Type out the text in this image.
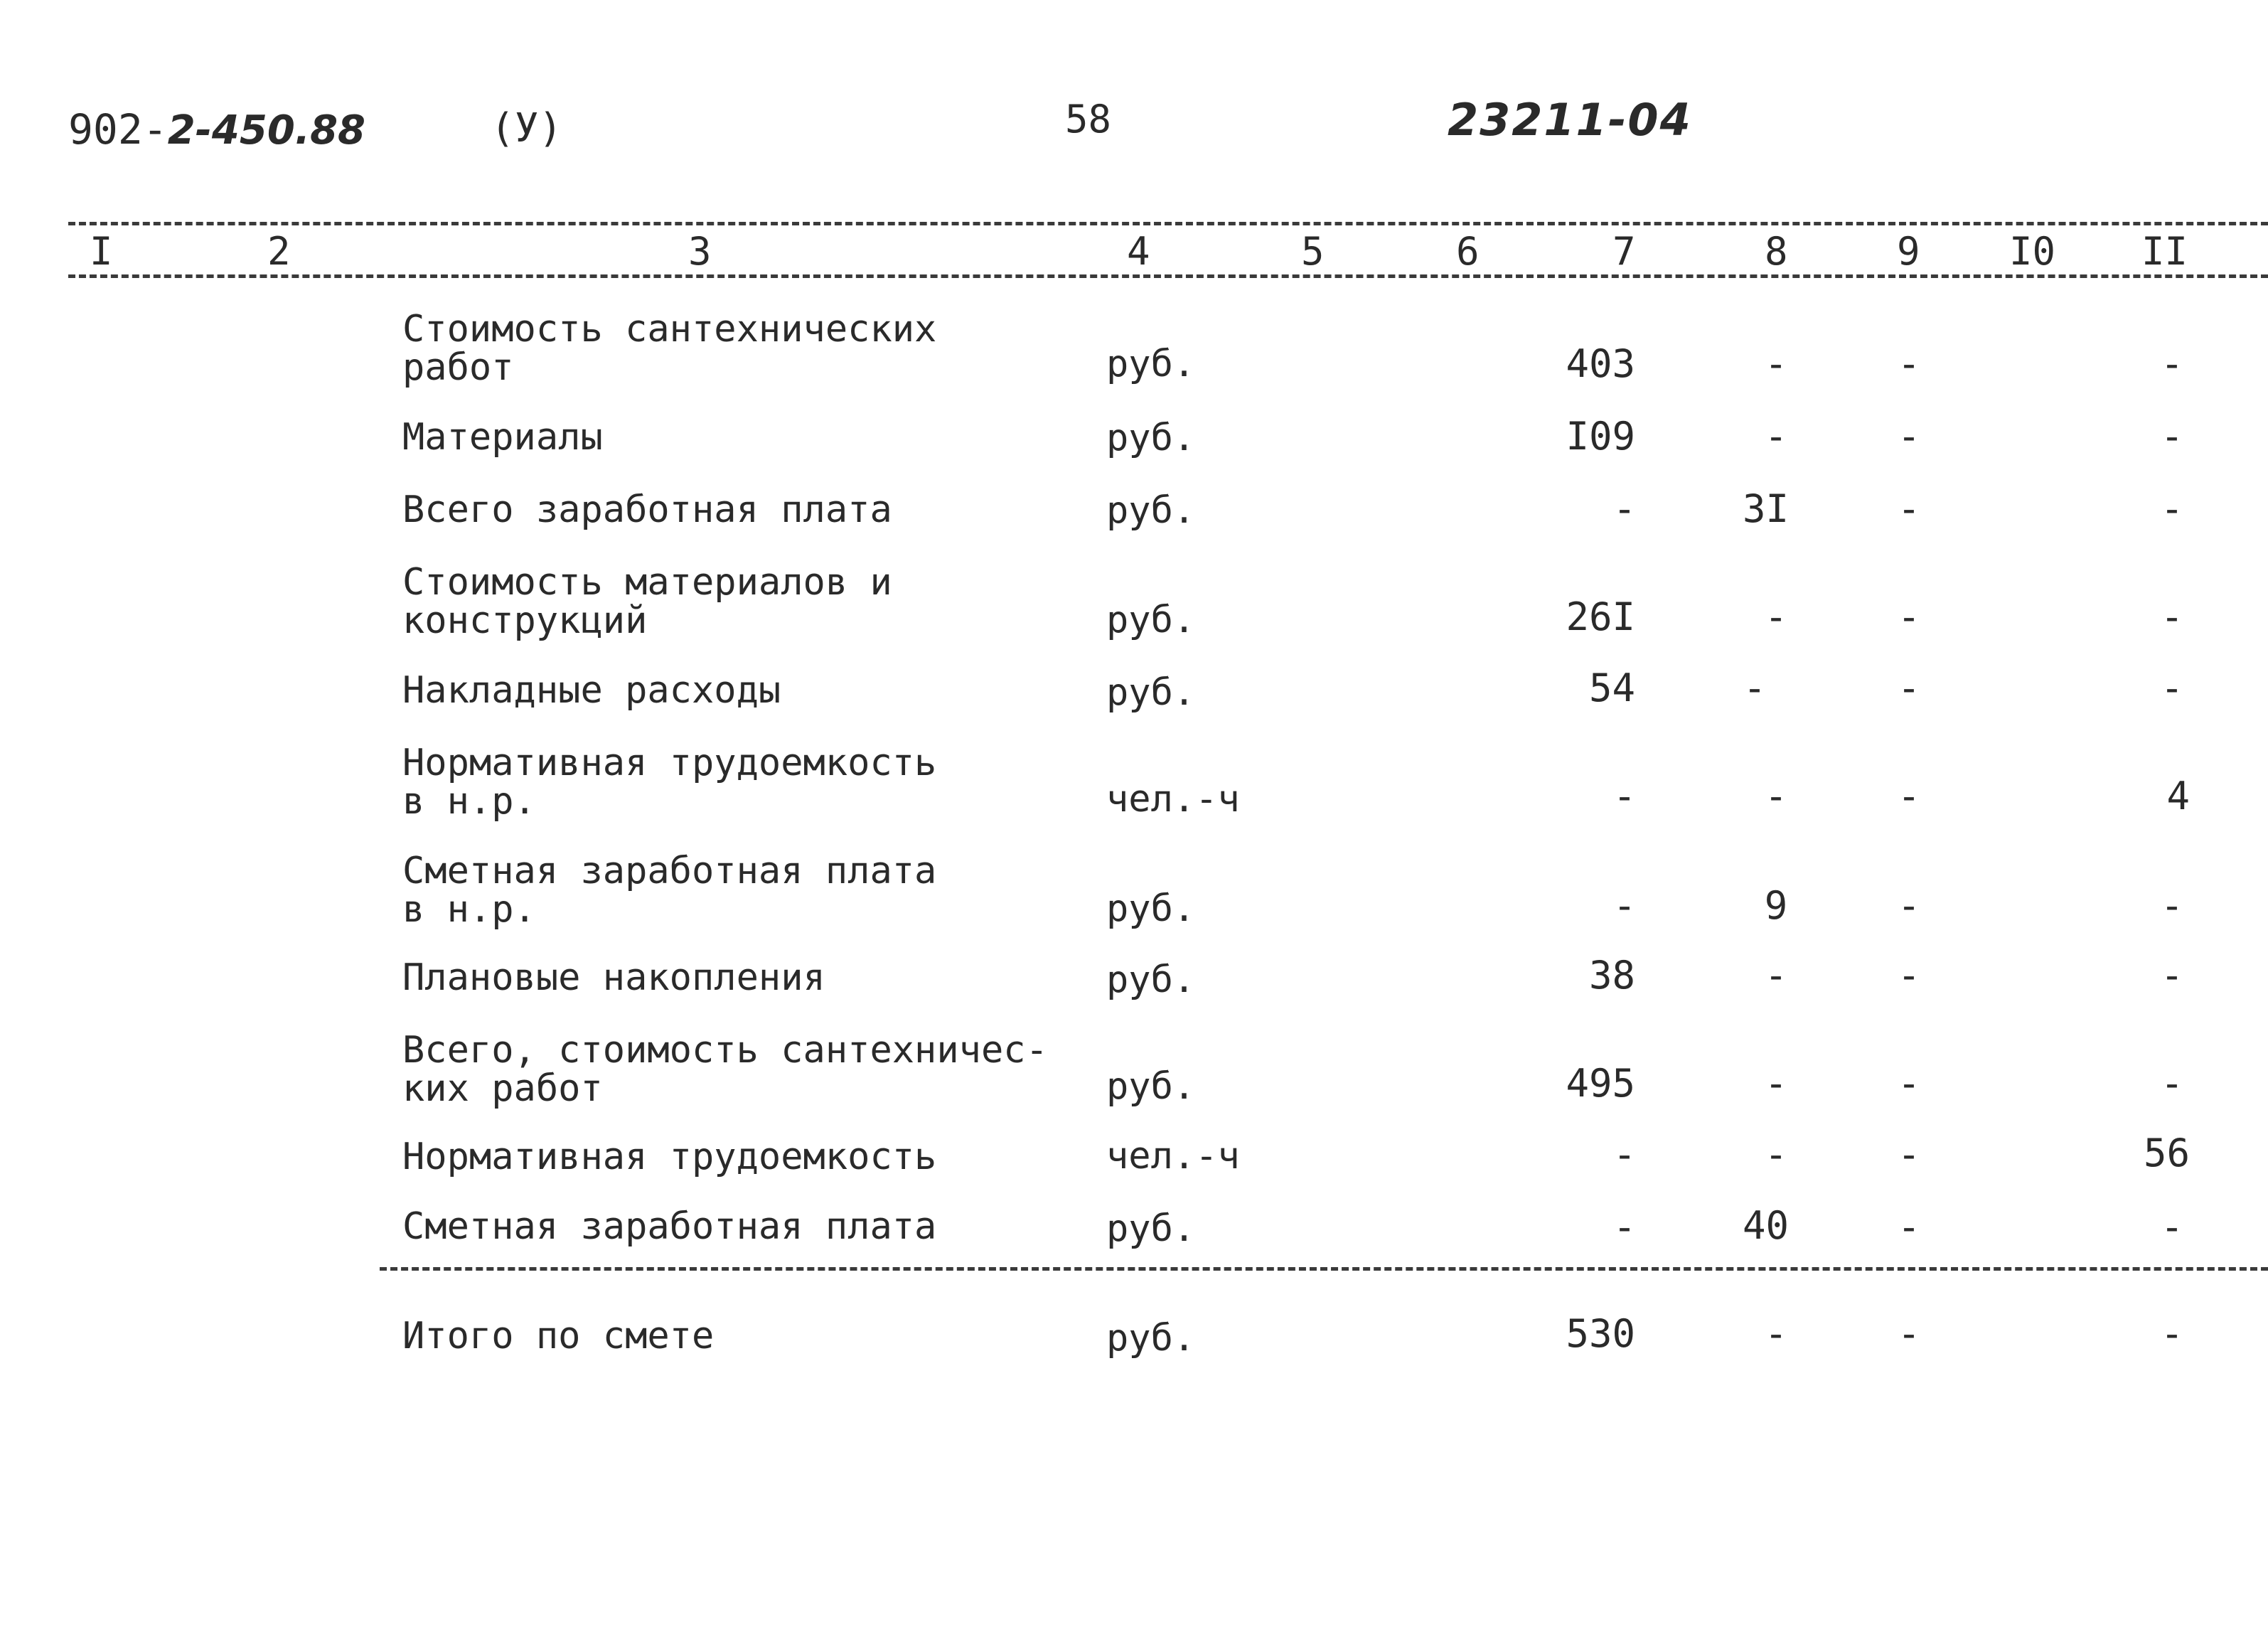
902-2-450.88	(У)	58	23211-04
I	2	3	4	5	6	7	8	9 I0 II
Стоимость сантехнических
работ	руб.	403	-	-	-
Материалы	руб.	I09	-	-	-
Всего заработная плата	руб.	-	3I	-	-
Стоимость материалов и
конструкций	руб.	26I	-	-	-
Накладные расходы	руб.	54	-	-	-
Нормативная трудоемкость
в н.р.	чел.-ч	-	-	-	4
Сметная заработная плата
в н.р.	руб.	-	9	-	-
Плановые накопления	руб.	38	-	-	-
Всего, стоимость сантехничес-
ких работ	руб.	495	-	-	-
Нормативная трудоемкость	чел.-ч	-	-	-	56
Сметная заработная плата	руб.	-	40	-	-
Итого по смете	руб.	530	-	-	-
